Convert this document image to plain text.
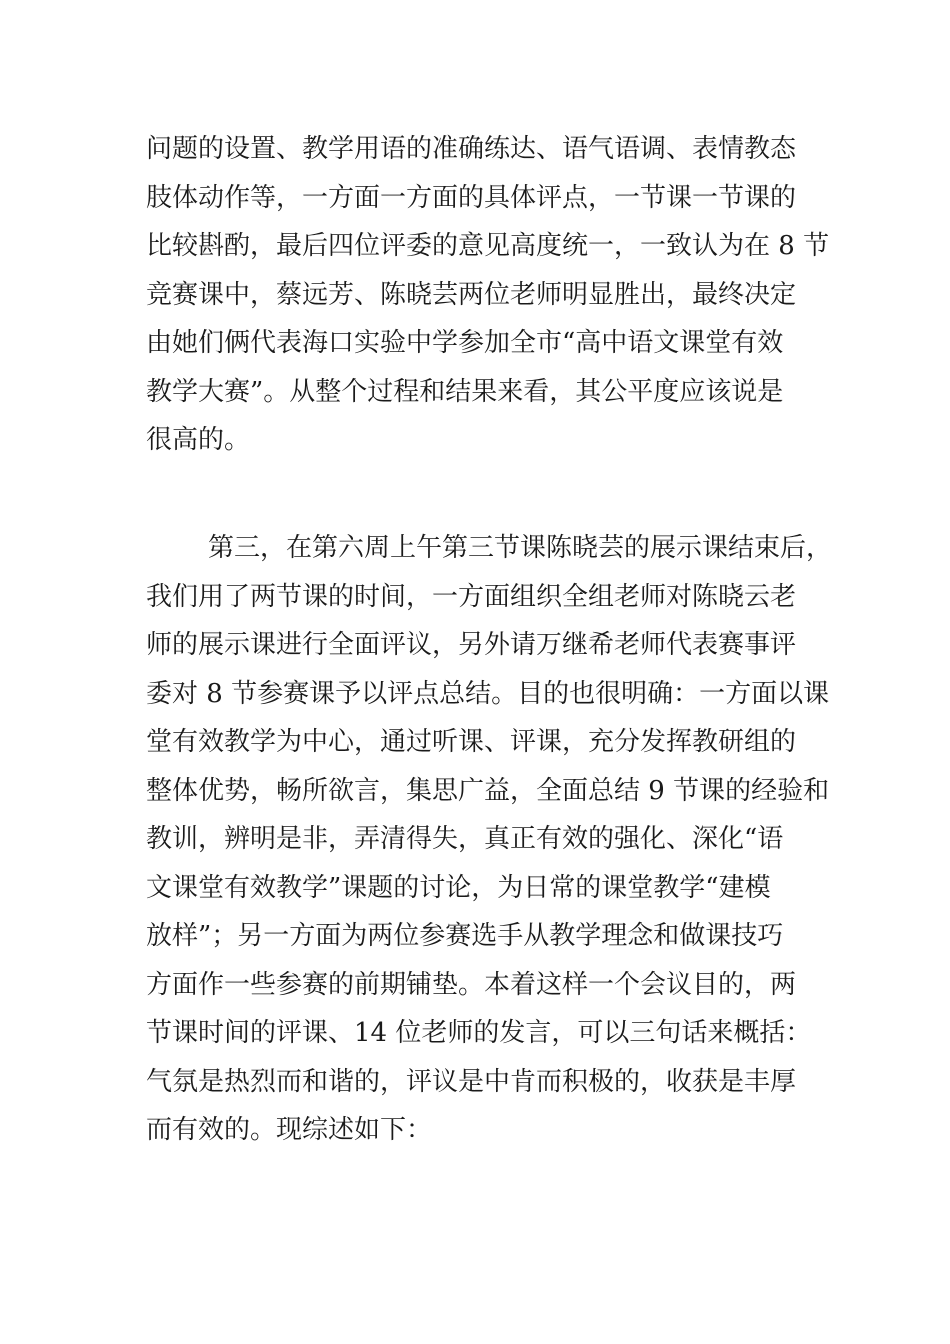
问题的设置、教学用语的准确练达、语气语调、表情教态
肢体动作等，一方面一方面的具体评点，一节课一节课的
比较斟酌，最后四位评委的意见高度统一，一致认为在 8 节
竞赛课中，蔡远芳、陈晓芸两位老师明显胜出，最终决定
由她们俩代表海口实验中学参加全市“高中语文课堂有效
教学大赛”。从整个过程和结果来看，其公平度应该说是
很高的。
第三，在第六周上午第三节课陈晓芸的展示课结束后，
我们用了两节课的时间，一方面组织全组老师对陈晓云老
师的展示课进行全面评议，另外请万继希老师代表赛事评
委对 8 节参赛课予以评点总结。目的也很明确：一方面以课
堂有效教学为中心，通过听课、评课，充分发挥教研组的
整体优势，畅所欲言，集思广益，全面总结 9 节课的经验和
教训，辨明是非，弄清得失，真正有效的强化、深化“语
文课堂有效教学”课题的讨论，为日常的课堂教学“建模
放样”；另一方面为两位参赛选手从教学理念和做课技巧
方面作一些参赛的前期铺垫。本着这样一个会议目的，两
节课时间的评课、14 位老师的发言，可以三句话来概括：
气氛是热烈而和谐的，评议是中肯而积极的，收获是丰厚
而有效的。现综述如下：
